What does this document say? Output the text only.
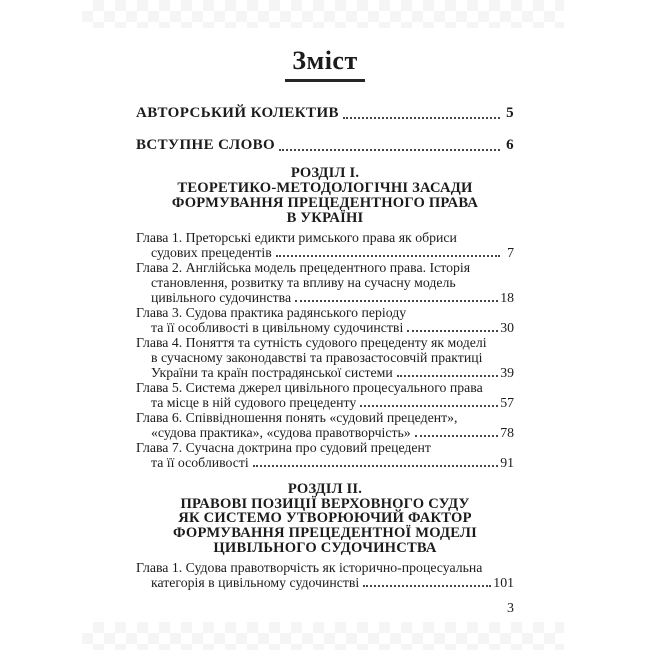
Зміст
АВТОРСЬКИЙ КОЛЕКТИВ	5
ВСТУПНЕ СЛОВО	6
РОЗДІЛ І.
ТЕОРЕТИКО-МЕТОДОЛОГІЧНІ ЗАСАДИ
ФОРМУВАННЯ ПРЕЦЕДЕНТНОГО ПРАВА
В УКРАЇНІ
Глава 1. Преторські едикти римського права як обриси
судових прецедентів	7
Глава 2. Англійська модель прецедентного права. Історія
становлення, розвитку та впливу на сучасну модель
цивільного судочинства	18
Глава 3. Судова практика радянського періоду
та її особливості в цивільному судочинстві	30
Глава 4. Поняття та сутність судового прецеденту як моделі
в сучасному законодавстві та правозастосовчій практиці
України та країн пострадянської системи	39
Глава 5. Система джерел цивільного процесуального права
та місце в ній судового прецеденту	57
Глава 6. Співвідношення понять «судовий прецедент»,
«судова практика», «судова правотворчість»	78
Глава 7. Сучасна доктрина про судовий прецедент
та її особливості	91
РОЗДІЛ ІІ.
ПРАВОВІ ПОЗИЦІЇ ВЕРХОВНОГО СУДУ
ЯК СИСТЕМО УТВОРЮЮЧИЙ ФАКТОР
ФОРМУВАННЯ ПРЕЦЕДЕНТНОЇ МОДЕЛІ
ЦИВІЛЬНОГО СУДОЧИНСТВА
Глава 1. Судова правотворчість як історично-процесуальна
категорія в цивільному судочинстві	101
3
